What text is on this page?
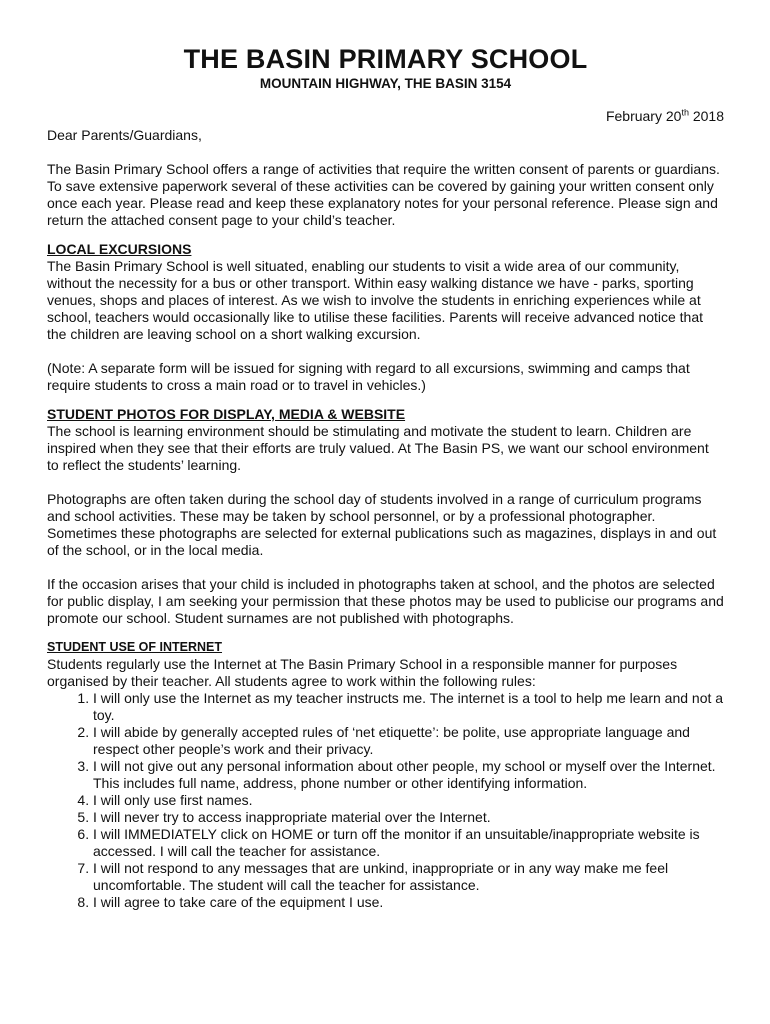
THE BASIN PRIMARY SCHOOL
MOUNTAIN HIGHWAY, THE BASIN 3154
February 20th 2018
Dear Parents/Guardians,

The Basin Primary School offers a range of activities that require the written consent of parents or guardians. To save extensive paperwork several of these activities can be covered by gaining your written consent only once each year. Please read and keep these explanatory notes for your personal reference. Please sign and return the attached consent page to your child’s teacher.

LOCAL EXCURSIONS

The Basin Primary School is well situated, enabling our students to visit a wide area of our community, without the necessity for a bus or other transport. Within easy walking distance we have - parks, sporting venues, shops and places of interest. As we wish to involve the students in enriching experiences while at school, teachers would occasionally like to utilise these facilities. Parents will receive advanced notice that the children are leaving school on a short walking excursion.

(Note: A separate form will be issued for signing with regard to all excursions, swimming and camps that require students to cross a main road or to travel in vehicles.)

STUDENT PHOTOS FOR DISPLAY, MEDIA & WEBSITE

The school is learning environment should be stimulating and motivate the student to learn. Children are inspired when they see that their efforts are truly valued. At The Basin PS, we want our school environment to reflect the students’ learning.

Photographs are often taken during the school day of students involved in a range of curriculum programs and school activities. These may be taken by school personnel, or by a professional photographer. Sometimes these photographs are selected for external publications such as magazines, displays in and out of the school, or in the local media.

If the occasion arises that your child is included in photographs taken at school, and the photos are selected for public display, I am seeking your permission that these photos may be used to publicise our programs and promote our school. Student surnames are not published with photographs.

STUDENT USE OF INTERNET

Students regularly use the Internet at The Basin Primary School in a responsible manner for purposes organised by their teacher. All students agree to work within the following rules:

1. I will only use the Internet as my teacher instructs me. The internet is a tool to help me learn and not a toy.
2. I will abide by generally accepted rules of ‘net etiquette’: be polite, use appropriate language and respect other people’s work and their privacy.
3. I will not give out any personal information about other people, my school or myself over the Internet. This includes full name, address, phone number or other identifying information.
4. I will only use first names.
5. I will never try to access inappropriate material over the Internet.
6. I will IMMEDIATELY click on HOME or turn off the monitor if an unsuitable/inappropriate website is accessed. I will call the teacher for assistance.
7. I will not respond to any messages that are unkind, inappropriate or in any way make me feel uncomfortable. The student will call the teacher for assistance.
8. I will agree to take care of the equipment I use.
